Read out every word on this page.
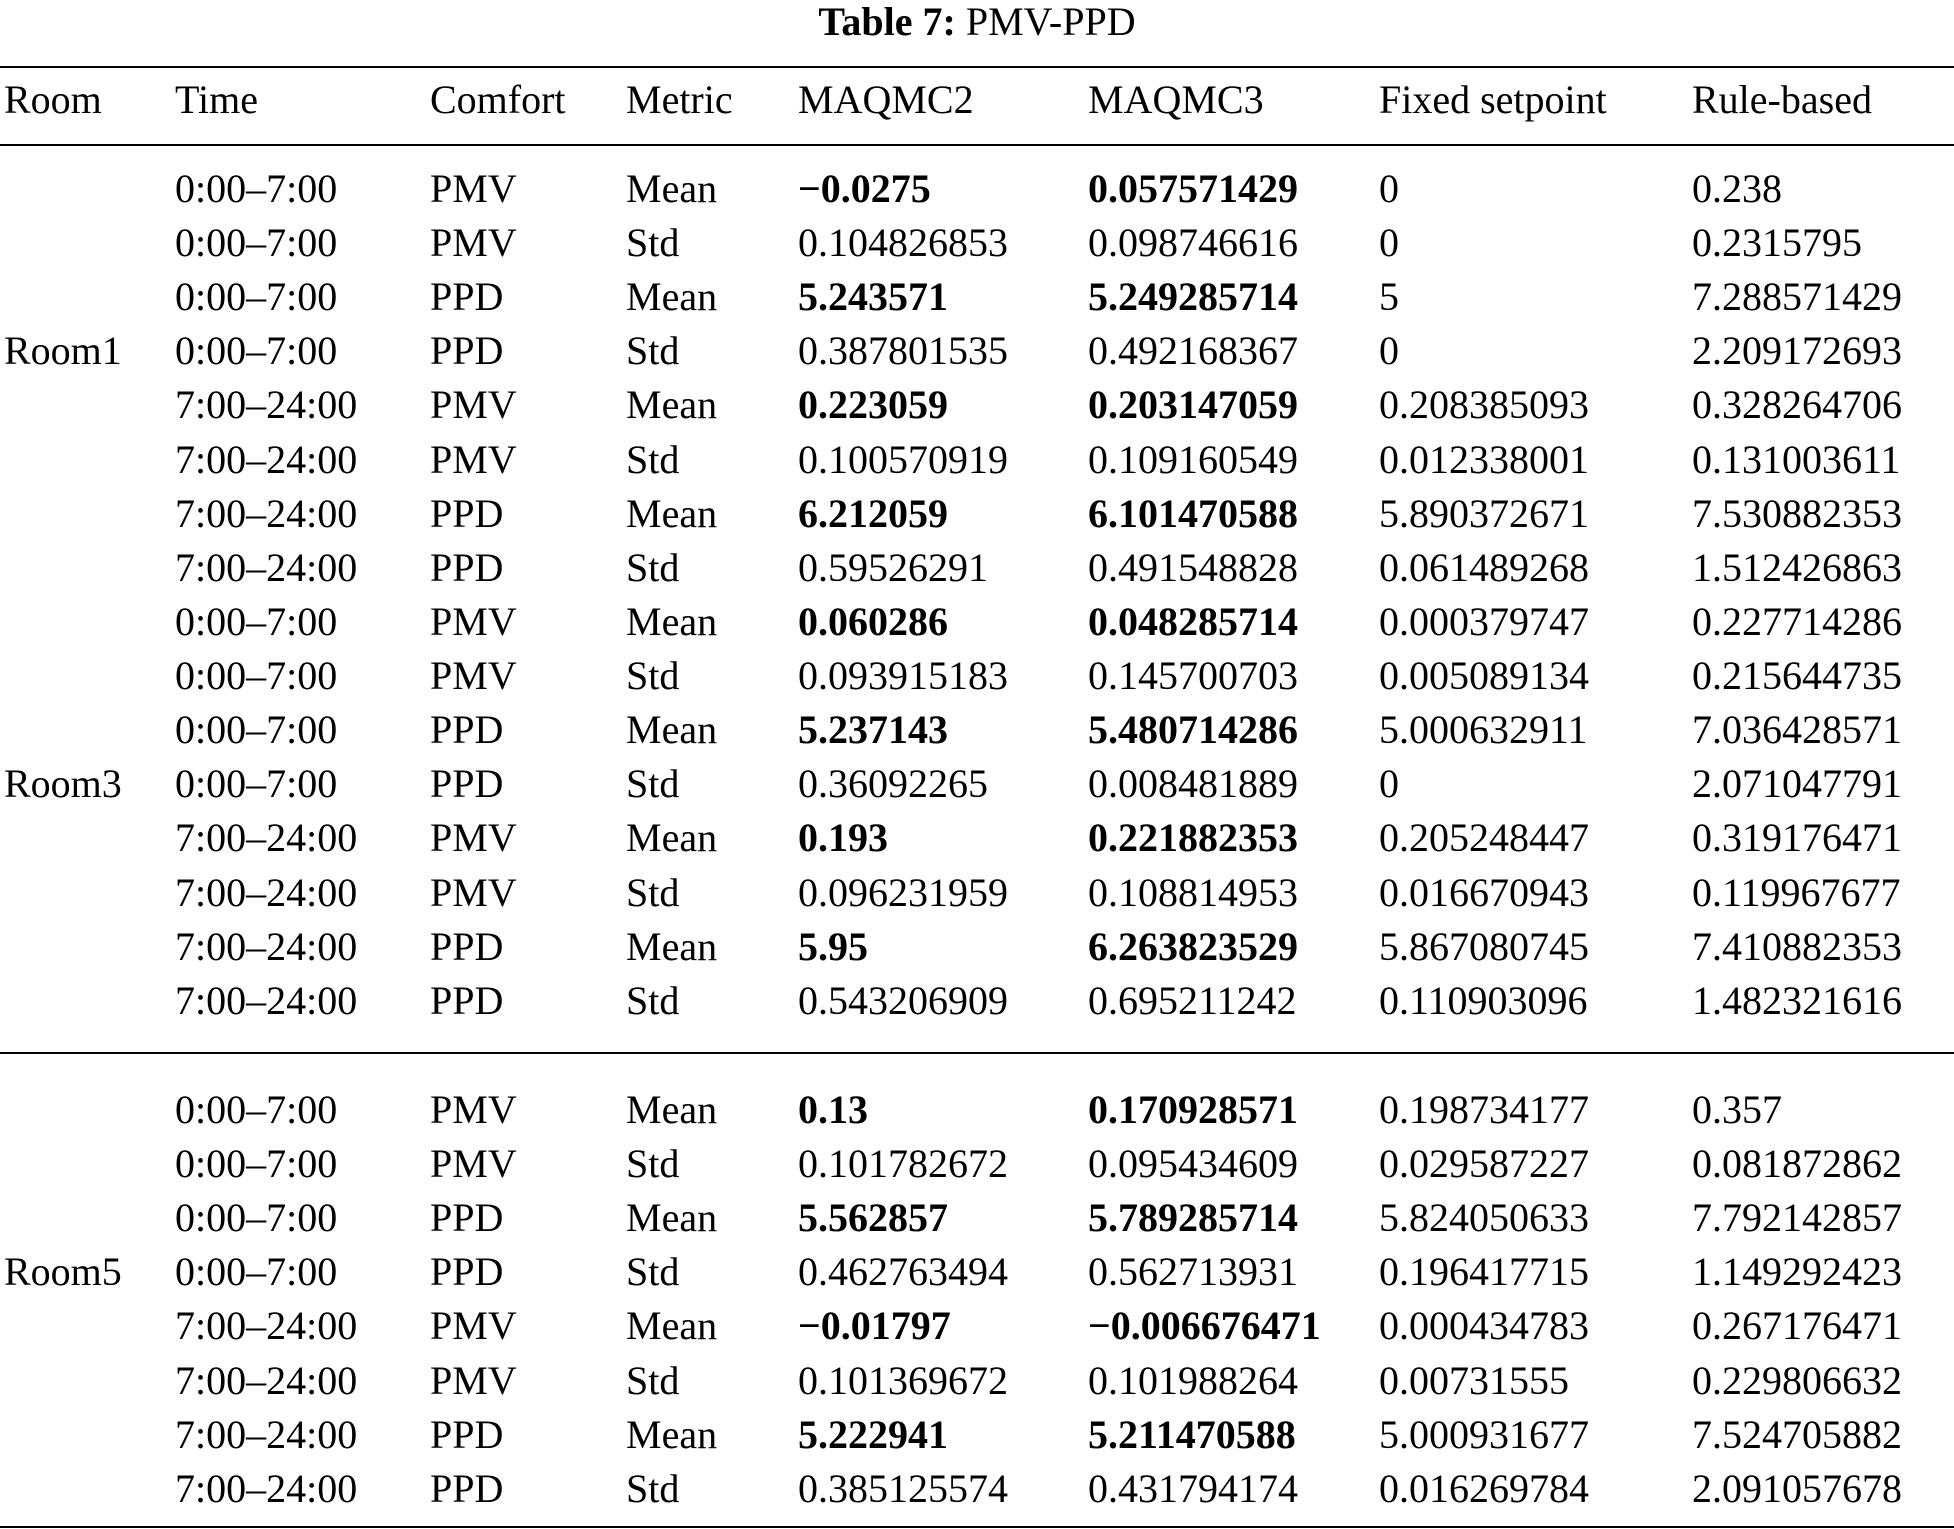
Table 7: PMV-PPD
Room Time	Comfort Metric MAQMC2	MAQMC3	Fixed setpoint Rule-based
0:00–7:00 PMV	Mean −0.0275	0.057571429 0	0.238
0:00–7:00 PMV	Std	0.104826853 0.098746616 0	0.2315795
0:00–7:00 PPD	Mean 5.243571	5.249285714 5	7.288571429
0:00–7:00 PPD	Std	0.387801535 0.492168367 0	2.209172693
7:00–24:00 PMV	Mean 0.223059	0.203147059 0.208385093	0.328264706
7:00–24:00 PMV	Std	0.100570919 0.109160549 0.012338001	0.131003611
7:00–24:00 PPD	Mean 6.212059	6.101470588 5.890372671	7.530882353
7:00–24:00 PPD	Std	0.59526291	0.491548828 0.061489268	1.512426863
Room1
0:00–7:00 PMV	Mean 0.060286	0.048285714 0.000379747	0.227714286
0:00–7:00 PMV	Std	0.093915183 0.145700703 0.005089134	0.215644735
0:00–7:00 PPD	Mean 5.237143	5.480714286 5.000632911	7.036428571
0:00–7:00 PPD	Std	0.36092265	0.008481889 0	2.071047791
7:00–24:00 PMV	Mean 0.193	0.221882353 0.205248447	0.319176471
7:00–24:00 PMV	Std	0.096231959 0.108814953 0.016670943	0.119967677
7:00–24:00 PPD	Mean 5.95	6.263823529 5.867080745	7.410882353
7:00–24:00 PPD	Std	0.543206909 0.695211242 0.110903096	1.482321616
Room3
0:00–7:00 PMV	Mean 0.13	0.170928571 0.198734177	0.357
0:00–7:00 PMV	Std	0.101782672 0.095434609 0.029587227	0.081872862
0:00–7:00 PPD	Mean 5.562857	5.789285714 5.824050633	7.792142857
0:00–7:00 PPD	Std	0.462763494 0.562713931 0.196417715	1.149292423
7:00–24:00 PMV	Mean −0.01797	−0.006676471 0.000434783	0.267176471
7:00–24:00 PMV	Std	0.101369672 0.101988264 0.00731555	0.229806632
7:00–24:00 PPD	Mean 5.222941	5.211470588 5.000931677	7.524705882
7:00–24:00 PPD	Std	0.385125574 0.431794174 0.016269784	2.091057678
Room5
